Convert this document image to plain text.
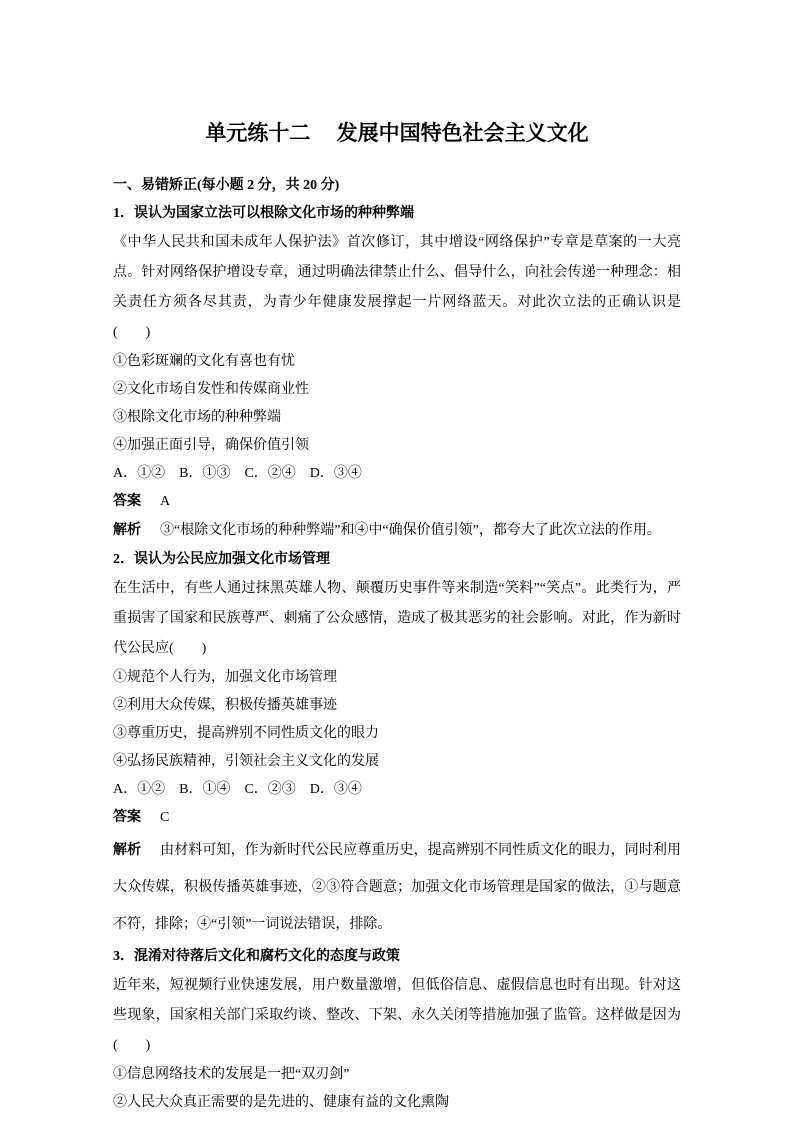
单元练十二　 发展中国特色社会主义文化
一、易错矫正(每小题 2 分，共 20 分)
1．误认为国家立法可以根除文化市场的种种弊端

《中华人民共和国未成年人保护法》首次修订，其中增设“网络保护”专章是草案的一大亮点。针对网络保护增设专章，通过明确法律禁止什么、倡导什么，向社会传递一种理念：相关责任方须各尽其责，为青少年健康发展撑起一片网络蓝天。对此次立法的正确认识是(　　)

①色彩斑斓的文化有喜也有忧
②文化市场自发性和传媒商业性
③根除文化市场的种种弊端
④加强正面引导，确保价值引领
A．①②　B．①③　C．②④　D．③④
答案 A

解析 ③“根除文化市场的种种弊端”和④中“确保价值引领”，都夸大了此次立法的作用。

2．误认为公民应加强文化市场管理

在生活中，有些人通过抹黑英雄人物、颠覆历史事件等来制造“笑料”“笑点”。此类行为，严重损害了国家和民族尊严、刺痛了公众感情，造成了极其恶劣的社会影响。对此，作为新时代公民应(　　)

①规范个人行为，加强文化市场管理
②利用大众传媒，积极传播英雄事迹
③尊重历史，提高辨别不同性质文化的眼力
④弘扬民族精神，引领社会主义文化的发展
A．①②　B．①④　C．②③　D．③④
答案 C

解析 由材料可知，作为新时代公民应尊重历史，提高辨别不同性质文化的眼力，同时利用大众传媒，积极传播英雄事迹，②③符合题意；加强文化市场管理是国家的做法，①与题意不符，排除；④“引领”一词说法错误，排除。

3．混淆对待落后文化和腐朽文化的态度与政策

近年来，短视频行业快速发展，用户数量激增，但低俗信息、虚假信息也时有出现。针对这些现象，国家相关部门采取约谈、整改、下架、永久关闭等措施加强了监管。这样做是因为(　　)

①信息网络技术的发展是一把“双刃剑”
②人民大众真正需要的是先进的、健康有益的文化熏陶
